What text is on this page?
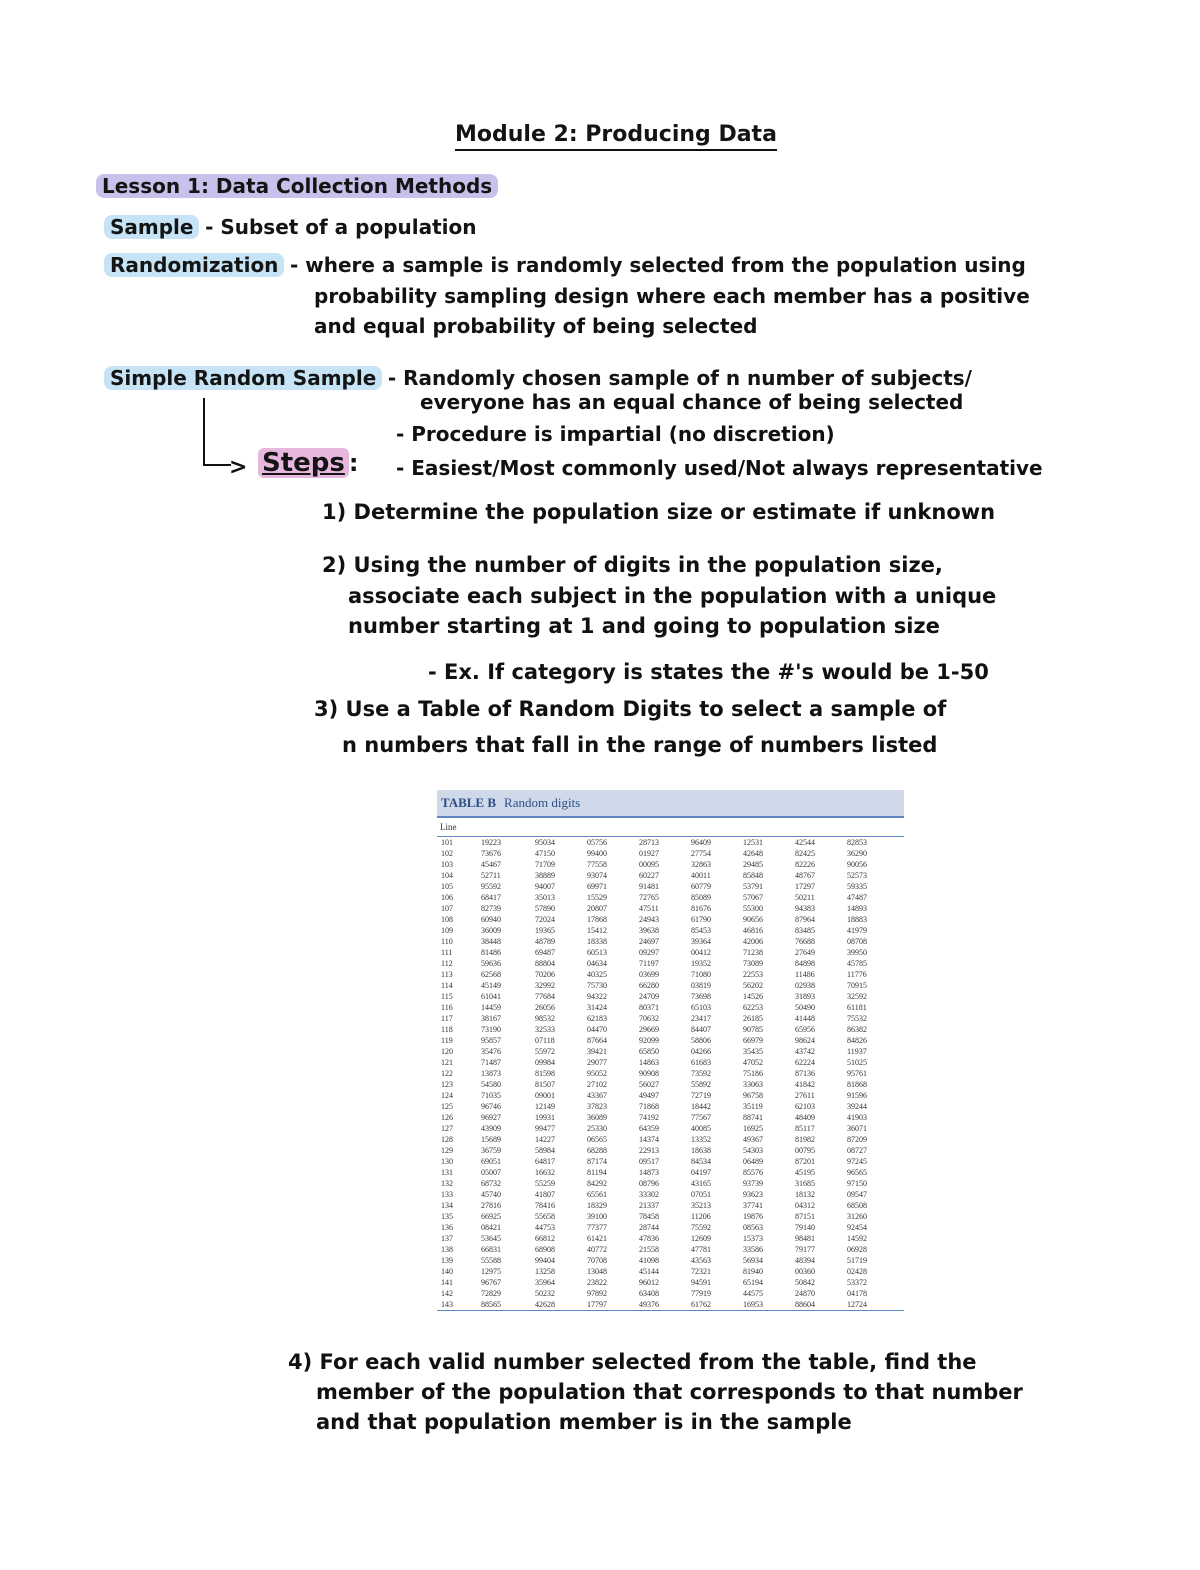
Module 2: Producing Data
Lesson 1: Data Collection Methods
Sample - Subset of a population
Randomization - where a sample is randomly selected from the population using
probability sampling design where each member has a positive
and equal probability of being selected
Simple Random Sample - Randomly chosen sample of n number of subjects/
everyone has an equal chance of being selected
- Procedure is impartial (no discretion)
- Easiest/Most commonly used/Not always representative
> Steps :
1) Determine the population size or estimate if unknown
2) Using the number of digits in the population size,
associate each subject in the population with a unique
number starting at 1 and going to population size
- Ex. If category is states the #'s would be 1-50
3) Use a Table of Random Digits to select a sample of
n numbers that fall in the range of numbers listed
TABLE B Random digits
Line
101	19223	95034	05756	28713	96409	12531	42544	82853
102	73676	47150	99400	01927	27754	42648	82425	36290
103	45467	71709	77558	00095	32863	29485	82226	90056
104	52711	38889	93074	60227	40011	85848	48767	52573
105	95592	94007	69971	91481	60779	53791	17297	59335
106	68417	35013	15529	72765	85089	57067	50211	47487
107	82739	57890	20807	47511	81676	55300	94383	14893
108	60940	72024	17868	24943	61790	90656	87964	18883
109	36009	19365	15412	39638	85453	46816	83485	41979
110	38448	48789	18338	24697	39364	42006	76688	08708
111	81486	69487	60513	09297	00412	71238	27649	39950
112	59636	88804	04634	71197	19352	73089	84898	45785
113	62568	70206	40325	03699	71080	22553	11486	11776
114	45149	32992	75730	66280	03819	56202	02938	70915
115	61041	77684	94322	24709	73698	14526	31893	32592
116	14459	26056	31424	80371	65103	62253	50490	61181
117	38167	98532	62183	70632	23417	26185	41448	75532
118	73190	32533	04470	29669	84407	90785	65956	86382
119	95857	07118	87664	92099	58806	66979	98624	84826
120	35476	55972	39421	65850	04266	35435	43742	11937
121	71487	09984	29077	14863	61683	47052	62224	51025
122	13873	81598	95052	90908	73592	75186	87136	95761
123	54580	81507	27102	56027	55892	33063	41842	81868
124	71035	09001	43367	49497	72719	96758	27611	91596
125	96746	12149	37823	71868	18442	35119	62103	39244
126	96927	19931	36089	74192	77567	88741	48409	41903
127	43909	99477	25330	64359	40085	16925	85117	36071
128	15689	14227	06565	14374	13352	49367	81982	87209
129	36759	58984	68288	22913	18638	54303	00795	08727
130	69051	64817	87174	09517	84534	06489	87201	97245
131	05007	16632	81194	14873	04197	85576	45195	96565
132	68732	55259	84292	08796	43165	93739	31685	97150
133	45740	41807	65561	33302	07051	93623	18132	09547
134	27816	78416	18329	21337	35213	37741	04312	68508
135	66925	55658	39100	78458	11206	19876	87151	31260
136	08421	44753	77377	28744	75592	08563	79140	92454
137	53645	66812	61421	47836	12609	15373	98481	14592
138	66831	68908	40772	21558	47781	33586	79177	06928
139	55588	99404	70708	41098	43563	56934	48394	51719
140	12975	13258	13048	45144	72321	81940	00360	02428
141	96767	35964	23822	96012	94591	65194	50842	53372
142	72829	50232	97892	63408	77919	44575	24870	04178
143	88565	42628	17797	49376	61762	16953	88604	12724
4) For each valid number selected from the table, find the
member of the population that corresponds to that number
and that population member is in the sample
